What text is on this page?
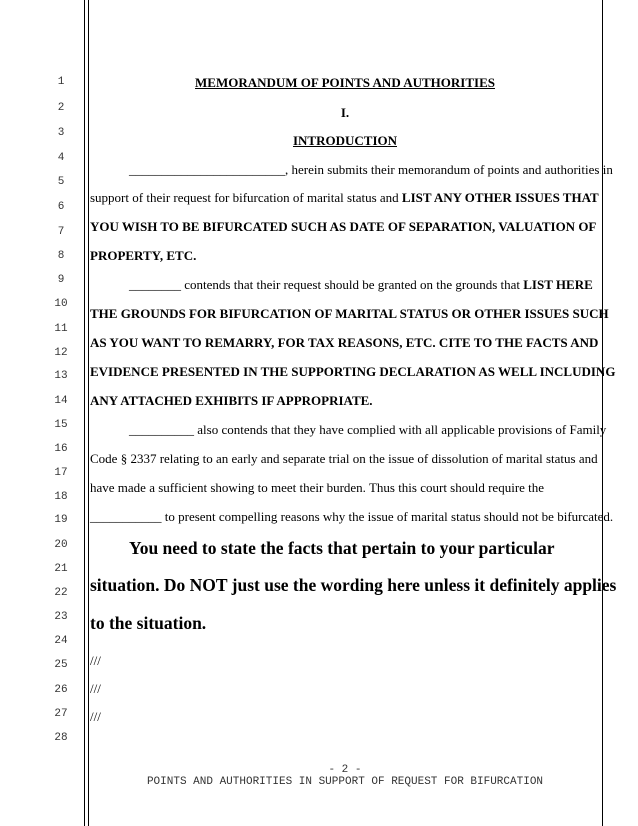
1
2
3
4
5
6
7
8
9
10
11
12
13
14
15
16
17
18
19
20
21
22
23
24
25
26
27
28
MEMORANDUM OF POINTS AND AUTHORITIES
I.
INTRODUCTION
________________________, herein submits their memorandum of points and authorities in
support of their request for bifurcation of marital status and LIST ANY OTHER ISSUES THAT
YOU WISH TO BE BIFURCATED SUCH AS DATE OF SEPARATION, VALUATION OF
PROPERTY, ETC.
________ contends that their request should be granted on the grounds that LIST HERE
THE GROUNDS FOR BIFURCATION OF MARITAL STATUS OR OTHER ISSUES SUCH
AS YOU WANT TO REMARRY, FOR TAX REASONS, ETC. CITE TO THE FACTS AND
EVIDENCE PRESENTED IN THE SUPPORTING DECLARATION AS WELL INCLUDING
ANY ATTACHED EXHIBITS IF APPROPRIATE.
__________ also contends that they have complied with all applicable provisions of Family
Code § 2337 relating to an early and separate trial on the issue of dissolution of marital status and
have made a sufficient showing to meet their burden. Thus this court should require the
___________ to present compelling reasons why the issue of marital status should not be bifurcated.
You need to state the facts that pertain to your particular
situation. Do NOT just use the wording here unless it definitely applies
to the situation.
///
///
///
- 2 -
POINTS AND AUTHORITIES IN SUPPORT OF REQUEST FOR BIFURCATION
